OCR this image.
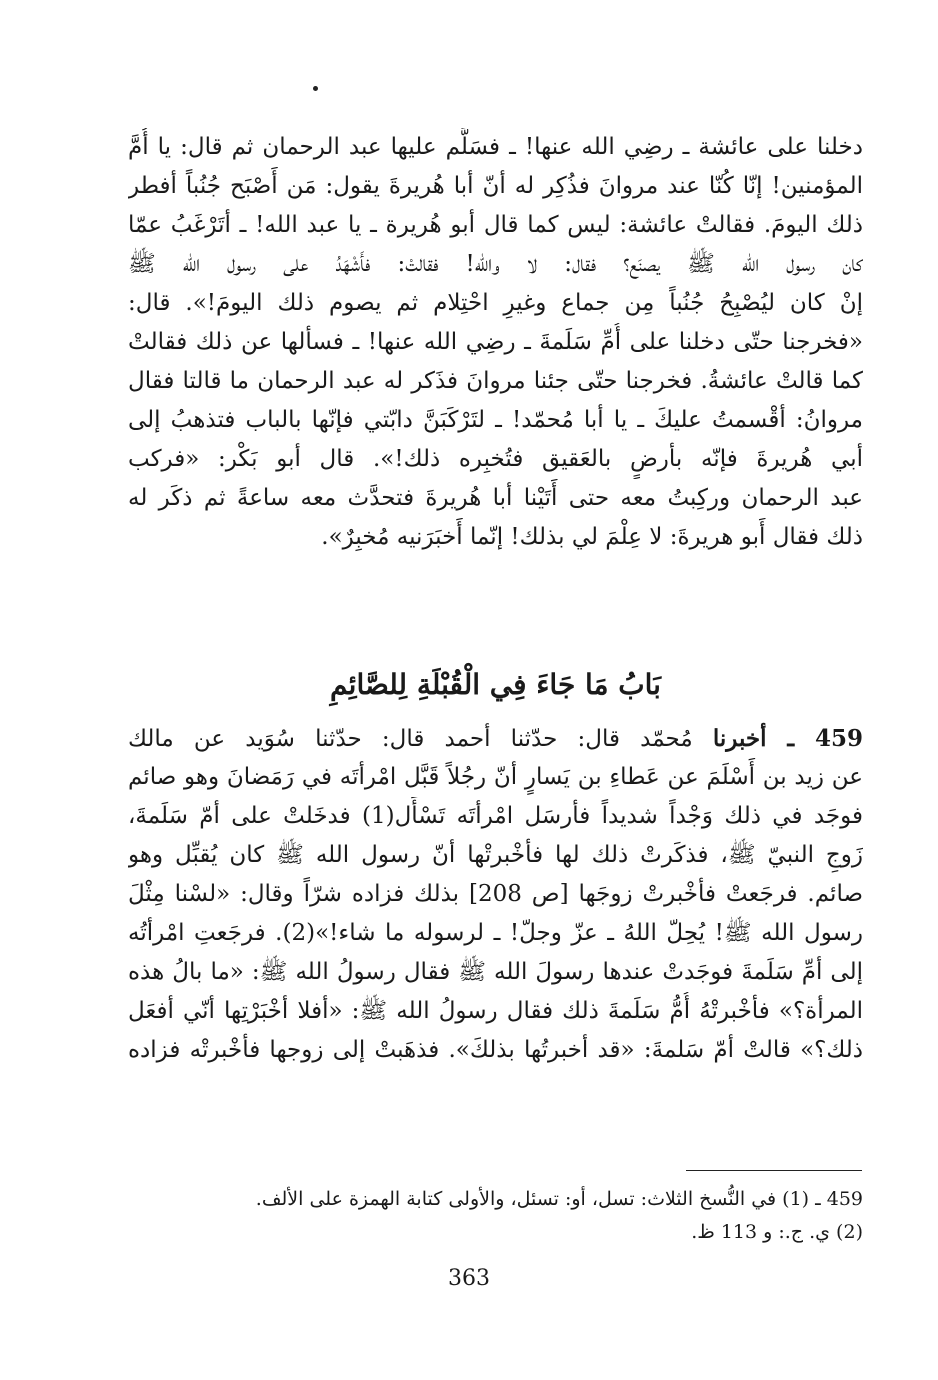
دخلنا على عائشة ـ رضِي الله عنها! ـ فسَلَّم عليها عبد الرحمان ثم قال: يا أُمَّ
المؤمنين! إنّا كُنّا عند مروانَ فذُكِر له أنّ أبا هُريرةَ يقول: مَن أَصْبَح جُنُباً أفطر
ذلك اليومَ. فقالتْ عائشة: ليس كما قال أبو هُريرة ـ يا عبد الله! ـ أتَرْغَبُ عمّا
كان رسول الله ﷺ يصنَع؟ فقال: لا والله! فقالتْ: فأَشْهَدُ على رسول الله ﷺ
إنْ كان ليُصْبِحُ جُنُباً مِن جماع وغيرِ احْتِلام ثم يصوم ذلك اليومَ!». قال:
«فخرجنا حتّى دخلنا على أُمِّ سَلَمةَ ـ رضِي الله عنها! ـ فسألها عن ذلك فقالتْ
كما قالتْ عائشةُ. فخرجنا حتّى جئنا مروانَ فذَكر له عبد الرحمان ما قالتا فقال
مروانُ: أقْسمتُ عليكَ ـ يا أبا مُحمّد! ـ لتَرْكَبَنَّ دابّتي فإنّها بالباب فتذهبُ إلى
أبي هُريرةَ فإنّه بأرضٍ بالعَقيق فتُخبِره ذلك!». قال أبو بَكْر: «فركب
عبد الرحمان وركِبتُ معه حتى أَتَيْنا أبا هُريرةَ فتحدَّث معه ساعةً ثم ذكَر له
ذلك فقال أَبو هريرةَ: لا عِلْمَ لي بذلك! إنّما أَخبَرَنيه مُخبِرٌ».
بَابُ مَا جَاءَ فِي الْقُبْلَةِ لِلصَّائِمِ
459 ـ أخبرنا مُحمّد قال: حدّثنا أحمد قال: حدّثنا سُوَيد عن مالك
عن زيد بن أَسْلَمَ عن عَطاءِ بن يَسارٍ أنّ رجُلاً قَبَّل امْرأتَه في رَمَضانَ وهو صائم
فوجَد في ذلك وَجْداً شديداً فأرسَل امْرأتَه تَسْأَل(1) فدخَلتْ على أمّ سَلَمةَ،
زَوجِ النبيّ ﷺ، فذكَرتْ ذلك لها فأخْبرتْها أنّ رسول الله ﷺ كان يُقبِّل وهو
صائم. فرجَعتْ فأخْبرتْ زوجَها [ص 208] بذلك فزاده شرّاً وقال: «لسْنا مِثْلَ
رسول الله ﷺ! يُحِلّ اللهُ ـ عزّ وجلّ! ـ لرسوله ما شاء!»(2). فرجَعتِ امْرأتُه
إلى أمِّ سَلَمةَ فوجَدتْ عندها رسولَ الله ﷺ فقال رسولُ الله ﷺ: «ما بالُ هذه
المرأة؟» فأخْبرتْهُ أُمُّ سَلَمةَ ذلك فقال رسولُ الله ﷺ: «أفلا أخْبَرْتِها أنّي أفعَل
ذلك؟» قالتْ أمّ سَلمةَ: «قد أخبرتُها بذلكَ». فذهَبتْ إلى زوجها فأخْبرتْه فزاده
459 ـ (1) في النُّسخ الثلاث: تسل، أو: تسئل، والأولى كتابة الهمزة على الألف.
(2) ي. ج.: و 113 ظ.
363
